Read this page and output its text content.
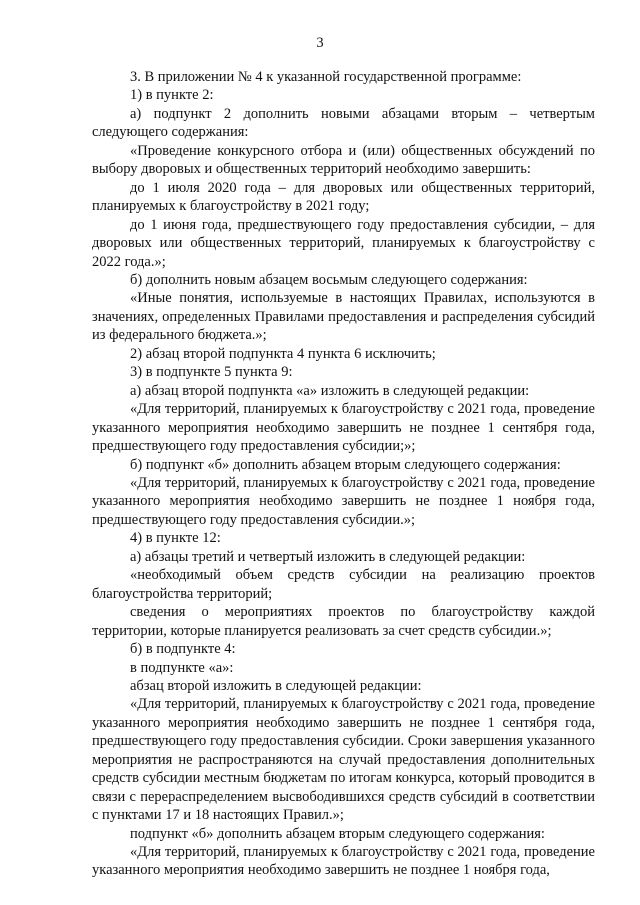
3

3. В приложении № 4 к указанной государственной программе:

1) в пункте 2:

а) подпункт 2 дополнить новыми абзацами вторым – четвертым следующего содержания:

«Проведение конкурсного отбора и (или) общественных обсуждений по выбору дворовых и общественных территорий необходимо завершить:

до 1 июля 2020 года – для дворовых или общественных территорий, планируемых к благоустройству в 2021 году;

до 1 июня года, предшествующего году предоставления субсидии, – для дворовых или общественных территорий, планируемых к благоустройству с 2022 года.»;

б) дополнить новым абзацем восьмым следующего содержания:

«Иные понятия, используемые в настоящих Правилах, используются в значениях, определенных Правилами предоставления и распределения субсидий из федерального бюджета.»;

2) абзац второй подпункта 4 пункта 6 исключить;

3) в подпункте 5 пункта 9:

а) абзац второй подпункта «а» изложить в следующей редакции:

«Для территорий, планируемых к благоустройству с 2021 года, проведение указанного мероприятия необходимо завершить не позднее 1 сентября года, предшествующего году предоставления субсидии;»;

б) подпункт «б» дополнить абзацем вторым следующего содержания:

«Для территорий, планируемых к благоустройству с 2021 года, проведение указанного мероприятия необходимо завершить не позднее 1 ноября года, предшествующего году предоставления субсидии.»;

4) в пункте 12:

а) абзацы третий и четвертый изложить в следующей редакции:

«необходимый объем средств субсидии на реализацию проектов благоустройства территорий;

сведения о мероприятиях проектов по благоустройству каждой территории, которые планируется реализовать за счет средств субсидии.»;

б) в подпункте 4:

в подпункте «а»:

абзац второй изложить в следующей редакции:

«Для территорий, планируемых к благоустройству с 2021 года, проведение указанного мероприятия необходимо завершить не позднее 1 сентября года, предшествующего году предоставления субсидии. Сроки завершения указанного мероприятия не распространяются на случай предоставления дополнительных средств субсидии местным бюджетам по итогам конкурса, который проводится в связи с перераспределением высвободившихся средств субсидий в соответствии с пунктами 17 и 18 настоящих Правил.»;

подпункт «б» дополнить абзацем вторым следующего содержания:

«Для территорий, планируемых к благоустройству с 2021 года, проведение указанного мероприятия необходимо завершить не позднее 1 ноября года,
